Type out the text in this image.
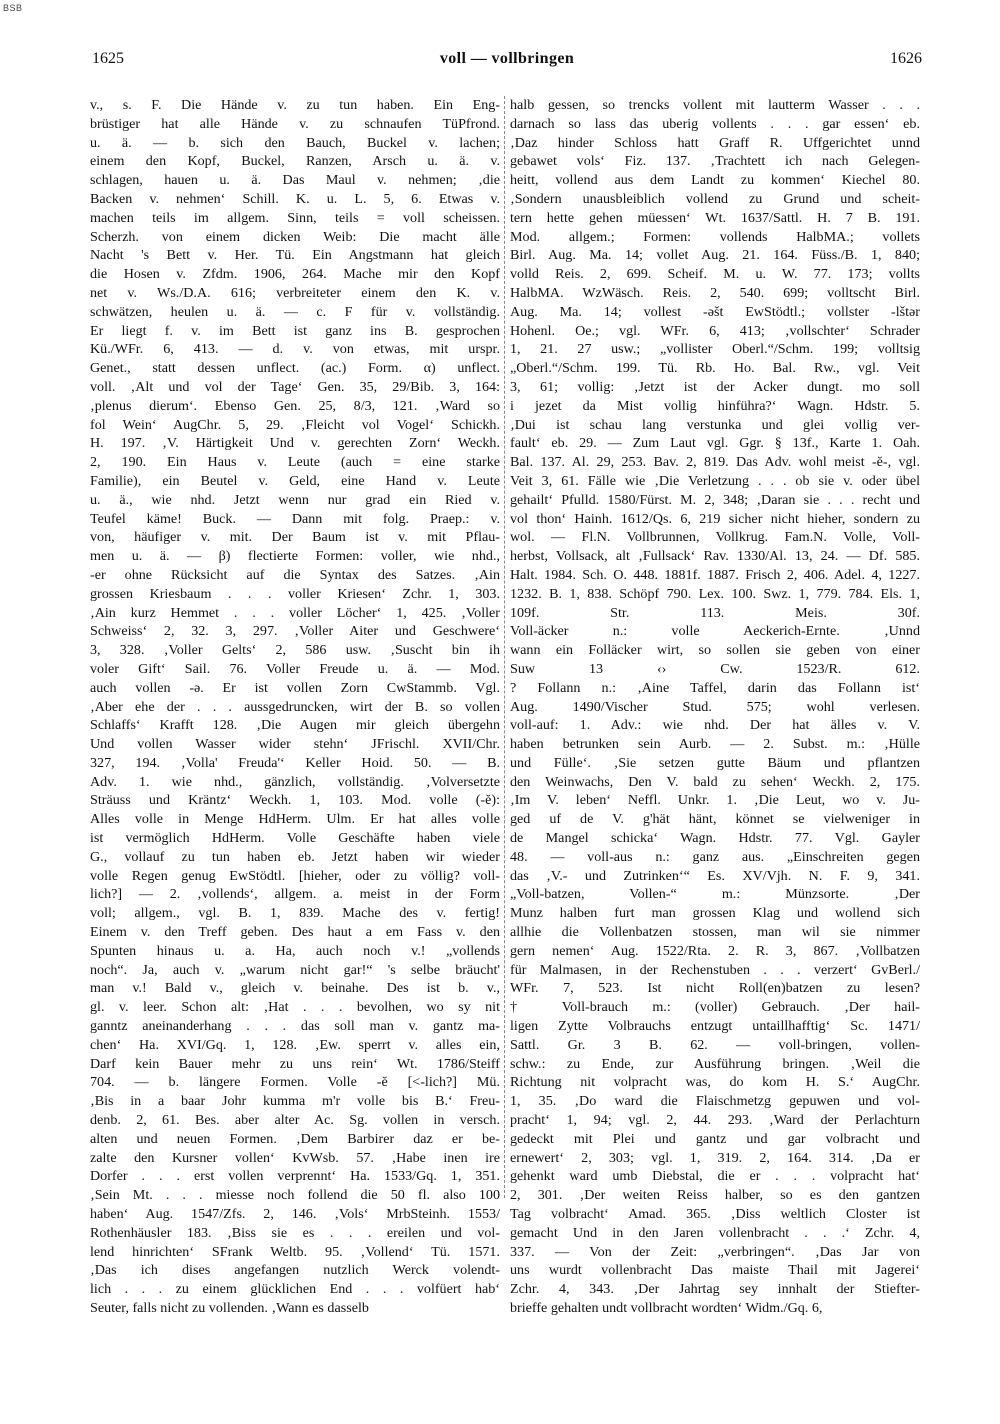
BSB
voll — vollbringen
1625	1626
v., s. F. Die Hände v. zu tun haben. Ein Eng-
brüstiger hat alle Hände v. zu schnaufen TüPfrond.
u. ä. — b. sich den Bauch, Buckel v. lachen;
einem den Kopf, Buckel, Ranzen, Arsch u. ä. v.
schlagen, hauen u. ä. Das Maul v. nehmen; ‚die
Backen v. nehmen‘ Schill. K. u. L. 5, 6. Etwas v.
machen teils im allgem. Sinn, teils = voll scheissen.
Scherzh. von einem dicken Weib: Die macht älle
Nacht 's Bett v. Her. Tü. Ein Angstmann hat gleich
die Hosen v. Zfdm. 1906, 264. Mache mir den Kopf
net v. Ws./D.A. 616; verbreiteter einem den K. v.
schwätzen, heulen u. ä. — c. F für v. vollständig.
Er liegt f. v. im Bett ist ganz ins B. gesprochen
Kü./WFr. 6, 413. — d. v. von etwas, mit urspr.
Genet., statt dessen unflect. (ac.) Form. α) unflect.
voll. ‚Alt und vol der Tage‘ Gen. 35, 29/Bib. 3, 164:
‚plenus dierum‘. Ebenso Gen. 25, 8/3, 121. ‚Ward so
fol Wein‘ AugChr. 5, 29. ‚Fleicht vol Vogel‘ Schickh.
H. 197. ‚V. Härtigkeit Und v. gerechten Zorn‘ Weckh.
2, 190. Ein Haus v. Leute (auch = eine starke
Familie), ein Beutel v. Geld, eine Hand v. Leute
u. ä., wie nhd. Jetzt wenn nur grad ein Ried v.
Teufel käme! Buck. — Dann mit folg. Praep.: v.
von, häufiger v. mit. Der Baum ist v. mit Pflau-
men u. ä. — β) flectierte Formen: voller, wie nhd.,
-er ohne Rücksicht auf die Syntax des Satzes. ‚Ain
grossen Kriesbaum . . . voller Kriesen‘ Zchr. 1, 303.
‚Ain kurz Hemmet . . . voller Löcher‘ 1, 425. ‚Voller
Schweiss‘ 2, 32. 3, 297. ‚Voller Aiter und Geschwere‘
3, 328. ‚Voller Gelts‘ 2, 586 usw. ‚Suscht bin ih
voler Gift‘ Sail. 76. Voller Freude u. ä. — Mod.
auch vollen -ə. Er ist vollen Zorn CwStammb. Vgl.
‚Aber ehe der . . . aussgedruncken, wirt der B. so vollen
Schlaffs‘ Krafft 128. ‚Die Augen mir gleich übergehn
Und vollen Wasser wider stehn‘ JFrischl. XVII/Chr.
327, 194. ‚Volla' Freuda'‘ Keller Hoid. 50. — B.
Adv. 1. wie nhd., gänzlich, vollständig. ‚Volversetzte
Sträuss und Kräntz‘ Weckh. 1, 103. Mod. volle (-ĕ):
Alles volle in Menge HdHerm. Ulm. Er hat alles volle
ist vermöglich HdHerm. Volle Geschäfte haben viele
G., vollauf zu tun haben eb. Jetzt haben wir wieder
volle Regen genug EwStödtl. [hieher, oder zu völlig? voll-
lich?] — 2. ‚vollends‘, allgem. a. meist in der Form
voll; allgem., vgl. B. 1, 839. Mache des v. fertig!
Einem v. den Treff geben. Des haut a em Fass v. den
Spunten hinaus u. a. Ha, auch noch v.! „vollends
noch“. Ja, auch v. „warum nicht gar!“ 's selbe bräucht'
man v.! Bald v., gleich v. beinahe. Des ist b. v.,
gl. v. leer. Schon alt: ‚Hat . . . bevolhen, wo sy nit
ganntz aneinanderhang . . . das soll man v. gantz ma-
chen‘ Ha. XVI/Gq. 1, 128. ‚Ew. sperrt v. alles ein,
Darf kein Bauer mehr zu uns rein‘ Wt. 1786/Steiff
704. — b. längere Formen. Volle -ĕ [<-lich?] Mü.
‚Bis in a baar Johr kumma m'r volle bis B.‘ Freu-
denb. 2, 61. Bes. aber alter Ac. Sg. vollen in versch.
alten und neuen Formen. ‚Dem Barbirer daz er be-
zalte den Kursner vollen‘ KvWsb. 57. ‚Habe inen ire
Dorfer . . . erst vollen verprennt‘ Ha. 1533/Gq. 1, 351.
‚Sein Mt. . . . miesse noch follend die 50 fl. also 100
haben‘ Aug. 1547/Zfs. 2, 146. ‚Vols‘ MrbSteinh. 1553/
Rothenhäusler 183. ‚Biss sie es . . . ereilen und vol-
lend hinrichten‘ SFrank Weltb. 95. ‚Vollend‘ Tü. 1571.
‚Das ich dises angefangen nutzlich Werck volendt-
lich . . . zu einem glücklichen End . . . volfüert hab‘
Seuter, falls nicht zu vollenden. ‚Wann es dasselb
halb gessen, so trencks vollent mit lautterm Wasser . . .
darnach so lass das uberig vollents . . . gar essen‘ eb.
‚Daz hinder Schloss hatt Graff R. Uffgerichtet unnd
gebawet vols‘ Fiz. 137. ‚Trachtett ich nach Gelegen-
heitt, vollend aus dem Landt zu kommen‘ Kiechel 80.
‚Sondern unausbleiblich vollend zu Grund und scheit-
tern hette gehen müessen‘ Wt. 1637/Sattl. H. 7 B. 191.
Mod. allgem.; Formen: vollends HalbMA.; vollets
Birl. Aug. Ma. 14; vollet Aug. 21. 164. Füss./B. 1, 840;
volld Reis. 2, 699. Scheif. M. u. W. 77. 173; vollts
HalbMA. WzWäsch. Reis. 2, 540. 699; volltscht Birl.
Aug. Ma. 14; vollest -əšt EwStödtl.; vollster -lštər
Hohenl. Oe.; vgl. WFr. 6, 413; ‚vollschter‘ Schrader
1, 21. 27 usw.; „vollister Oberl.“/Schm. 199; volltsig
„Oberl.“/Schm. 199. Tü. Rb. Ho. Bal. Rw., vgl. Veit
3, 61; vollig: ‚Jetzt ist der Acker dungt. mo soll
i jezet da Mist vollig hinführa?‘ Wagn. Hdstr. 5.
‚Dui ist schau lang verstunka und glei vollig ver-
fault‘ eb. 29. — Zum Laut vgl. Ggr. § 13f., Karte 1. Oah.
Bal. 137. Al. 29, 253. Bav. 2, 819. Das Adv. wohl meist -ĕ-, vgl.
Veit 3, 61. Fälle wie ‚Die Verletzung . . . ob sie v. oder übel
gehailt‘ Pfulld. 1580/Fürst. M. 2, 348; ‚Daran sie . . . recht und
vol thon‘ Hainh. 1612/Qs. 6, 219 sicher nicht hieher, sondern zu
wol. — Fl.N. Vollbrunnen, Vollkrug. Fam.N. Volle, Voll-
herbst, Vollsack, alt ‚Fullsack‘ Rav. 1330/Al. 13, 24. — Df. 585.
Halt. 1984. Sch. O. 448. 1881f. 1887. Frisch 2, 406. Adel. 4, 1227.
1232. B. 1, 838. Schöpf 790. Lex. 100. Swz. 1, 779. 784. Els. 1,
109f. Str. 113. Meis. 30f.
Voll-äcker n.: volle Aeckerich-Ernte. ‚Unnd
wann ein Folläcker wirt, so sollen sie geben von einer
Suw 13 ‹› Cw. 1523/R. 612.
? Follann n.: ‚Aine Taffel, darin das Follann ist‘
Aug. 1490/Vischer Stud. 575; wohl verlesen.
voll-auf: 1. Adv.: wie nhd. Der hat älles v. V.
haben betrunken sein Aurb. — 2. Subst. m.: ‚Hülle
und Fülle‘. ‚Sie setzen gutte Bäum und pflantzen
den Weinwachs, Den V. bald zu sehen‘ Weckh. 2, 175.
‚Im V. leben‘ Neffl. Unkr. 1. ‚Die Leut, wo v. Ju-
ged uf de V. g'hät hänt, könnet se vielweniger in
de Mangel schicka‘ Wagn. Hdstr. 77. Vgl. Gayler
48. — voll-aus n.: ganz aus. „Einschreiten gegen
das ‚V.- und Zutrinken‘“ Es. XV/Vjh. N. F. 9, 341.
„Voll-batzen, Vollen-“ m.: Münzsorte. ‚Der
Munz halben furt man grossen Klag und wollend sich
allhie die Vollenbatzen stossen, man wil sie nimmer
gern nemen‘ Aug. 1522/Rta. 2. R. 3, 867. ‚Vollbatzen
für Malmasen, in der Rechenstuben . . . verzert‘ GvBerl./
WFr. 7, 523. Ist nicht Roll(en)batzen zu lesen?
† Voll-brauch m.: (voller) Gebrauch. ‚Der hail-
ligen Zytte Volbrauchs entzugt untaillhafftig‘ Sc. 1471/
Sattl. Gr. 3 B. 62. — voll-bringen, vollen-
schw.: zu Ende, zur Ausführung bringen. ‚Weil die
Richtung nit volpracht was, do kom H. S.‘ AugChr.
1, 35. ‚Do ward die Flaischmetzg gepuwen und vol-
pracht‘ 1, 94; vgl. 2, 44. 293. ‚Ward der Perlachturn
gedeckt mit Plei und gantz und gar volbracht und
ernewert‘ 2, 303; vgl. 1, 319. 2, 164. 314. ‚Da er
gehenkt ward umb Diebstal, die er . . . volpracht hat‘
2, 301. ‚Der weiten Reiss halber, so es den gantzen
Tag volbracht‘ Amad. 365. ‚Diss weltlich Closter ist
gemacht Und in den Jaren vollenbracht . . .‘ Zchr. 4,
337. — Von der Zeit: „verbringen“. ‚Das Jar von
uns wurdt vollenbracht Das maiste Thail mit Jagerei‘
Zchr. 4, 343. ‚Der Jahrtag sey innhalt der Stiefter-
brieffe gehalten undt vollbracht wordten‘ Widm./Gq. 6,
